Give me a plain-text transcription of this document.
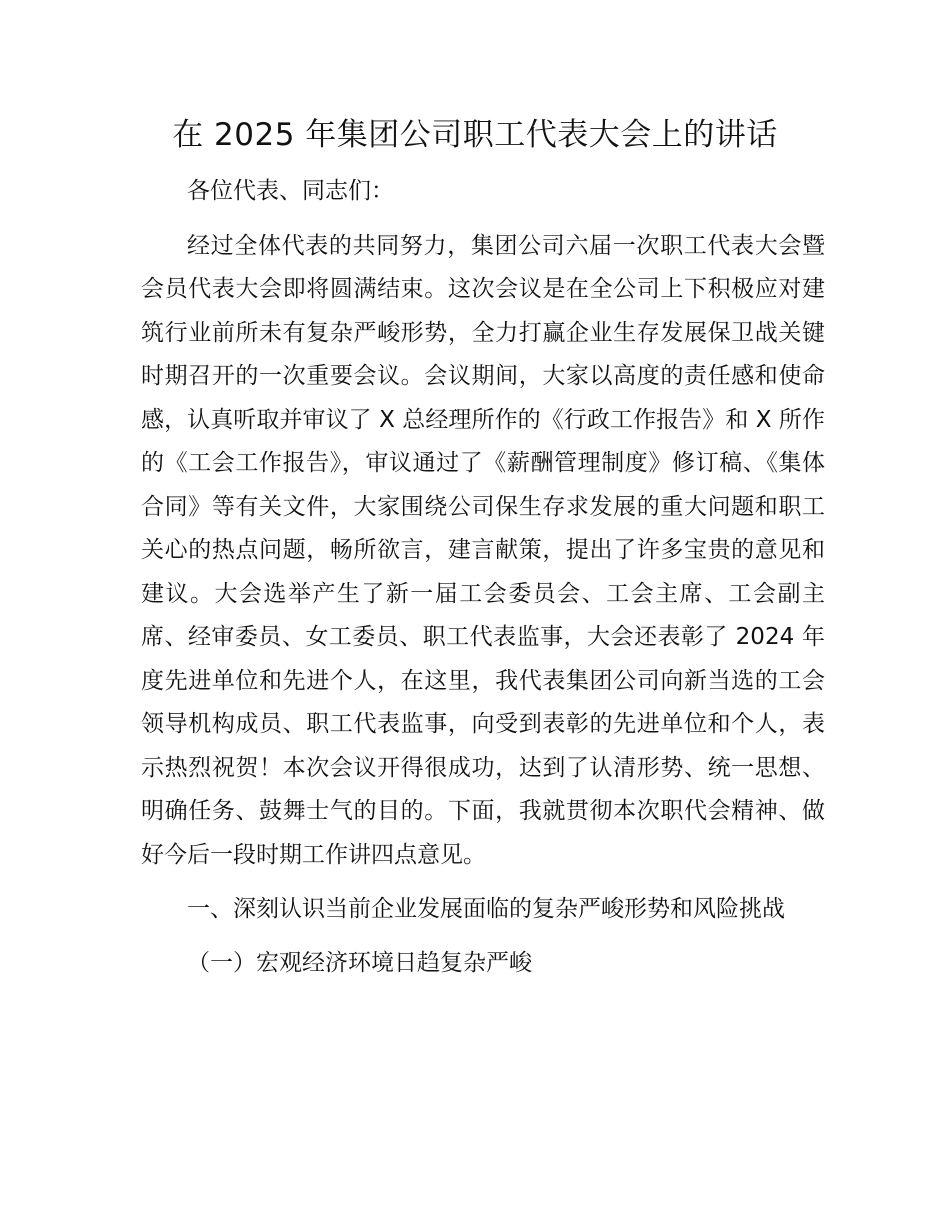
在 2025 年集团公司职工代表大会上的讲话

各位代表、同志们：

经过全体代表的共同努力，集团公司六届一次职工代表大会暨会员代表大会即将圆满结束。这次会议是在全公司上下积极应对建筑行业前所未有复杂严峻形势，全力打赢企业生存发展保卫战关键时期召开的一次重要会议。会议期间，大家以高度的责任感和使命感，认真听取并审议了 X 总经理所作的《行政工作报告》和 X 所作的《工会工作报告》，审议通过了《薪酬管理制度》修订稿、《集体合同》等有关文件，大家围绕公司保生存求发展的重大问题和职工关心的热点问题，畅所欲言，建言献策，提出了许多宝贵的意见和建议。大会选举产生了新一届工会委员会、工会主席、工会副主席、经审委员、女工委员、职工代表监事，大会还表彰了 2024 年度先进单位和先进个人，在这里，我代表集团公司向新当选的工会领导机构成员、职工代表监事，向受到表彰的先进单位和个人，表示热烈祝贺！本次会议开得很成功，达到了认清形势、统一思想、明确任务、鼓舞士气的目的。下面，我就贯彻本次职代会精神、做好今后一段时期工作讲四点意见。

一、深刻认识当前企业发展面临的复杂严峻形势和风险挑战

（一）宏观经济环境日趋复杂严峻
